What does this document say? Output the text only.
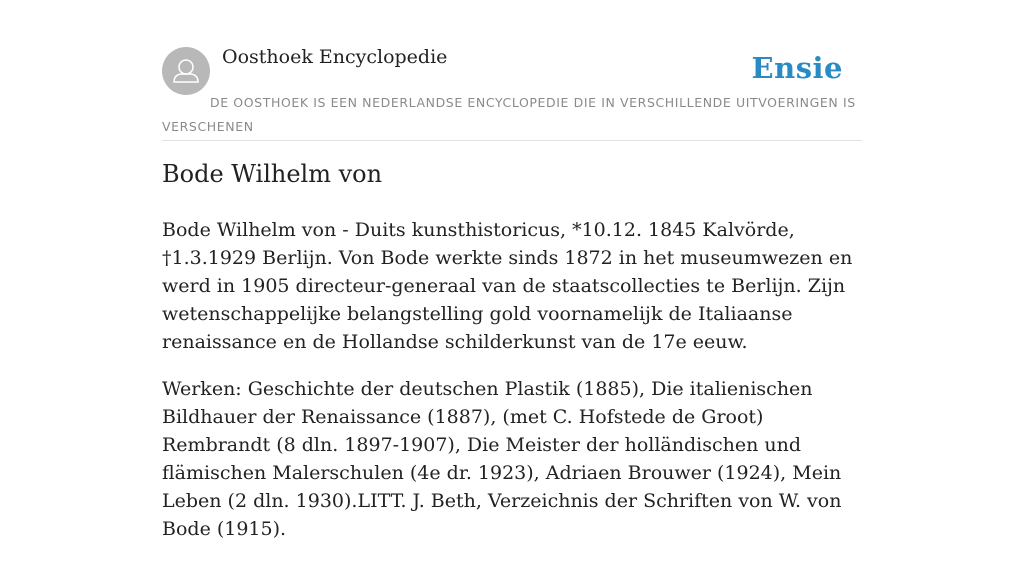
Oosthoek Encyclopedie	Ensie

DE OOSTHOEK IS EEN NEDERLANDSE ENCYCLOPEDIE DIE IN VERSCHILLENDE UITVOERINGEN IS VERSCHENEN

Bode Wilhelm von

Bode Wilhelm von - Duits kunsthistoricus, *10.12. 1845 Kalvörde, †1.3.1929 Berlijn. Von Bode werkte sinds 1872 in het museumwezen en werd in 1905 directeur-generaal van de staatscollecties te Berlijn. Zijn wetenschappelijke belangstelling gold voornamelijk de Italiaanse renaissance en de Hollandse schilderkunst van de 17e eeuw.

Werken: Geschichte der deutschen Plastik (1885), Die italienischen Bildhauer der Renaissance (1887), (met C. Hofstede de Groot) Rembrandt (8 dln. 1897-1907), Die Meister der holländischen und flämischen Malerschulen (4e dr. 1923), Adriaen Brouwer (1924), Mein Leben (2 dln. 1930).LITT. J. Beth, Verzeichnis der Schriften von W. von Bode (1915).
